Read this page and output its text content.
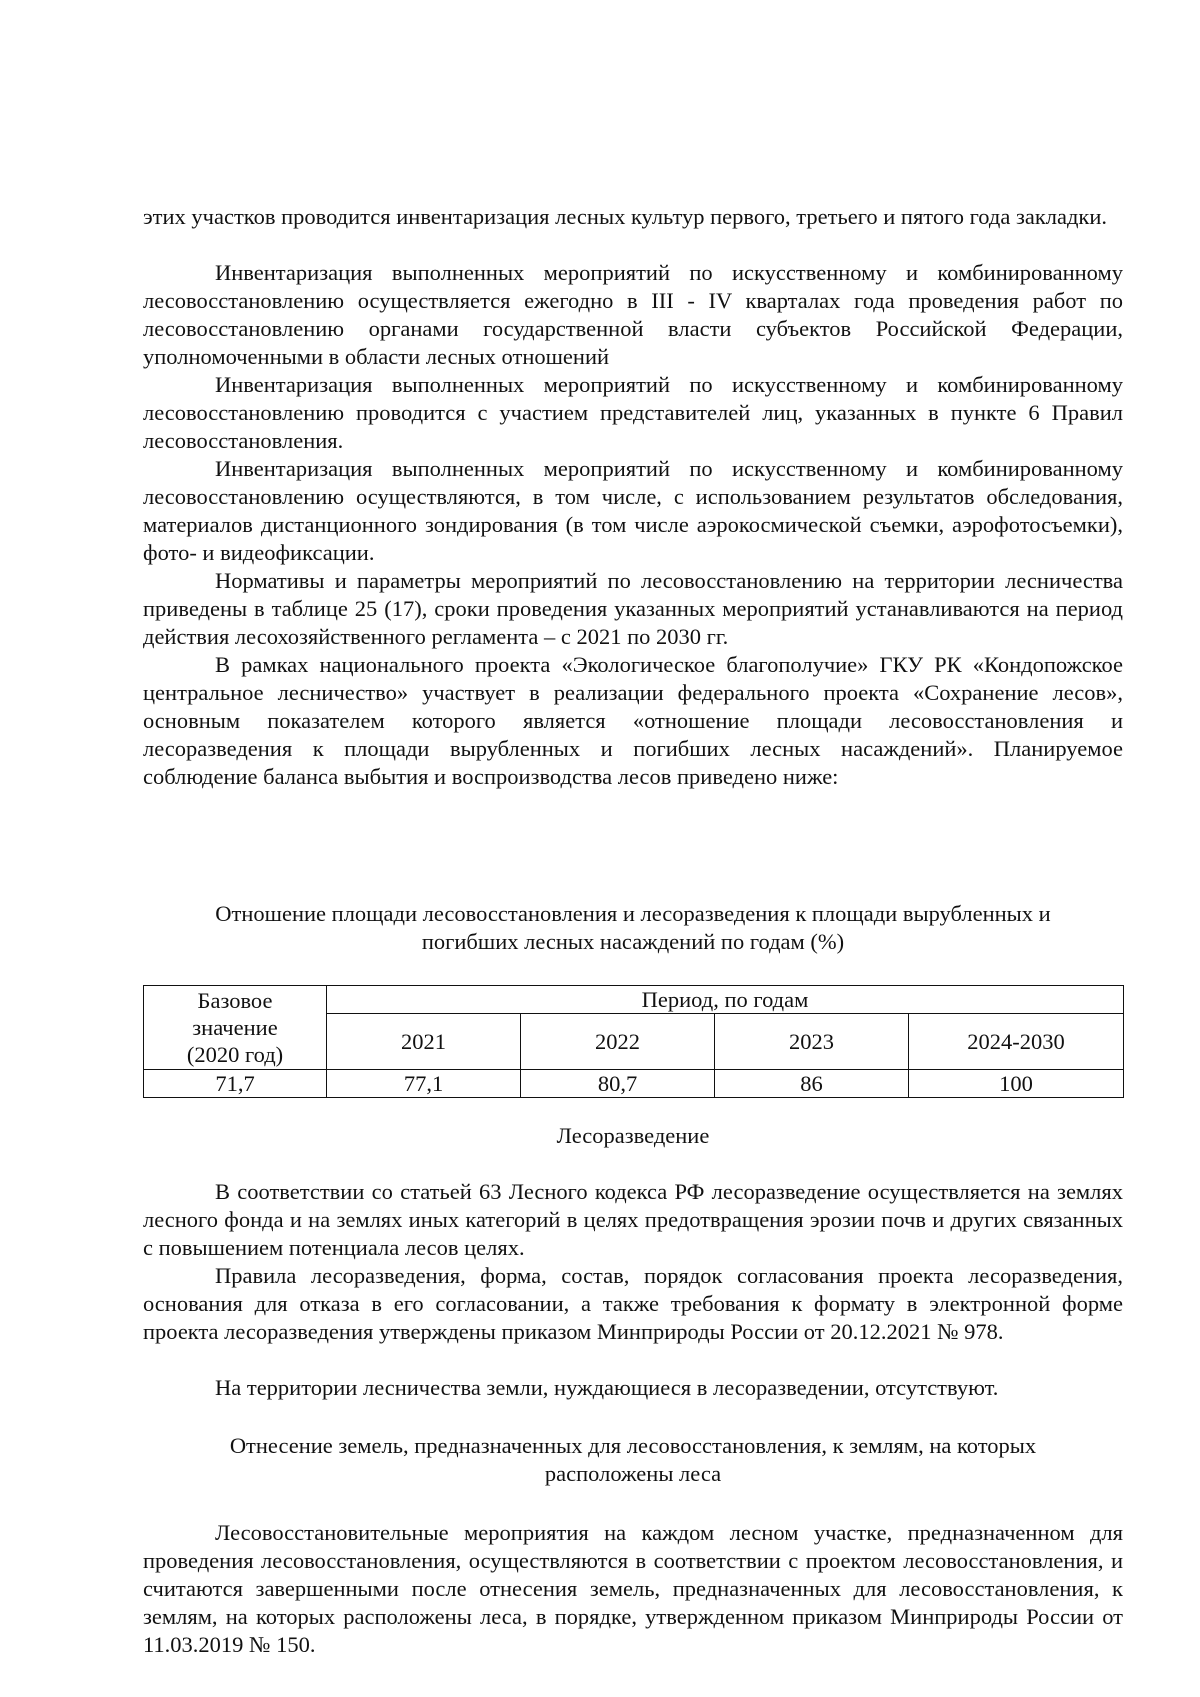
этих участков проводится инвентаризация лесных культур первого, третьего и пятого года закладки.

Инвентаризация выполненных мероприятий по искусственному и комбинированному лесовосстановлению осуществляется ежегодно в III - IV кварталах года проведения работ по лесовосстановлению органами государственной власти субъектов Российской Федерации, уполномоченными в области лесных отношений

Инвентаризация выполненных мероприятий по искусственному и комбинированному лесовосстановлению проводится с участием представителей лиц, указанных в пункте 6 Правил лесовосстановления.

Инвентаризация выполненных мероприятий по искусственному и комбинированному лесовосстановлению осуществляются, в том числе, с использованием результатов обследования, материалов дистанционного зондирования (в том числе аэрокосмической съемки, аэрофотосъемки), фото- и видеофиксации.

Нормативы и параметры мероприятий по лесовосстановлению на территории лесничества приведены в таблице 25 (17), сроки проведения указанных мероприятий устанавливаются на период действия лесохозяйственного регламента – с 2021 по 2030 гг.

В рамках национального проекта «Экологическое благополучие» ГКУ РК «Кондопожское центральное лесничество» участвует в реализации федерального проекта «Сохранение лесов», основным показателем которого является «отношение площади лесовосстановления и лесоразведения к площади вырубленных и погибших лесных насаждений». Планируемое соблюдение баланса выбытия и воспроизводства лесов приведено ниже:

Отношение площади лесовосстановления и лесоразведения к площади вырубленных и

погибших лесных насаждений по годам (%)

Базовое
значение
(2020 год)	Период, по годам			
	2021	2022	2023	2024-2030
71,7	77,1	80,7	86	100

Лесоразведение

В соответствии со статьей 63 Лесного кодекса РФ лесоразведение осуществляется на землях лесного фонда и на землях иных категорий в целях предотвращения эрозии почв и других связанных с повышением потенциала лесов целях.

Правила лесоразведения, форма, состав, порядок согласования проекта лесоразведения, основания для отказа в его согласовании, а также требования к формату в электронной форме проекта лесоразведения утверждены приказом Минприроды России от 20.12.2021 № 978.

На территории лесничества земли, нуждающиеся в лесоразведении, отсутствуют.

Отнесение земель, предназначенных для лесовосстановления, к землям, на которых

расположены леса

Лесовосстановительные мероприятия на каждом лесном участке, предназначенном для проведения лесовосстановления, осуществляются в соответствии с проектом лесовосстановления, и считаются завершенными после отнесения земель, предназначенных для лесовосстановления, к землям, на которых расположены леса, в порядке, утвержденном приказом Минприроды России от 11.03.2019 № 150.
